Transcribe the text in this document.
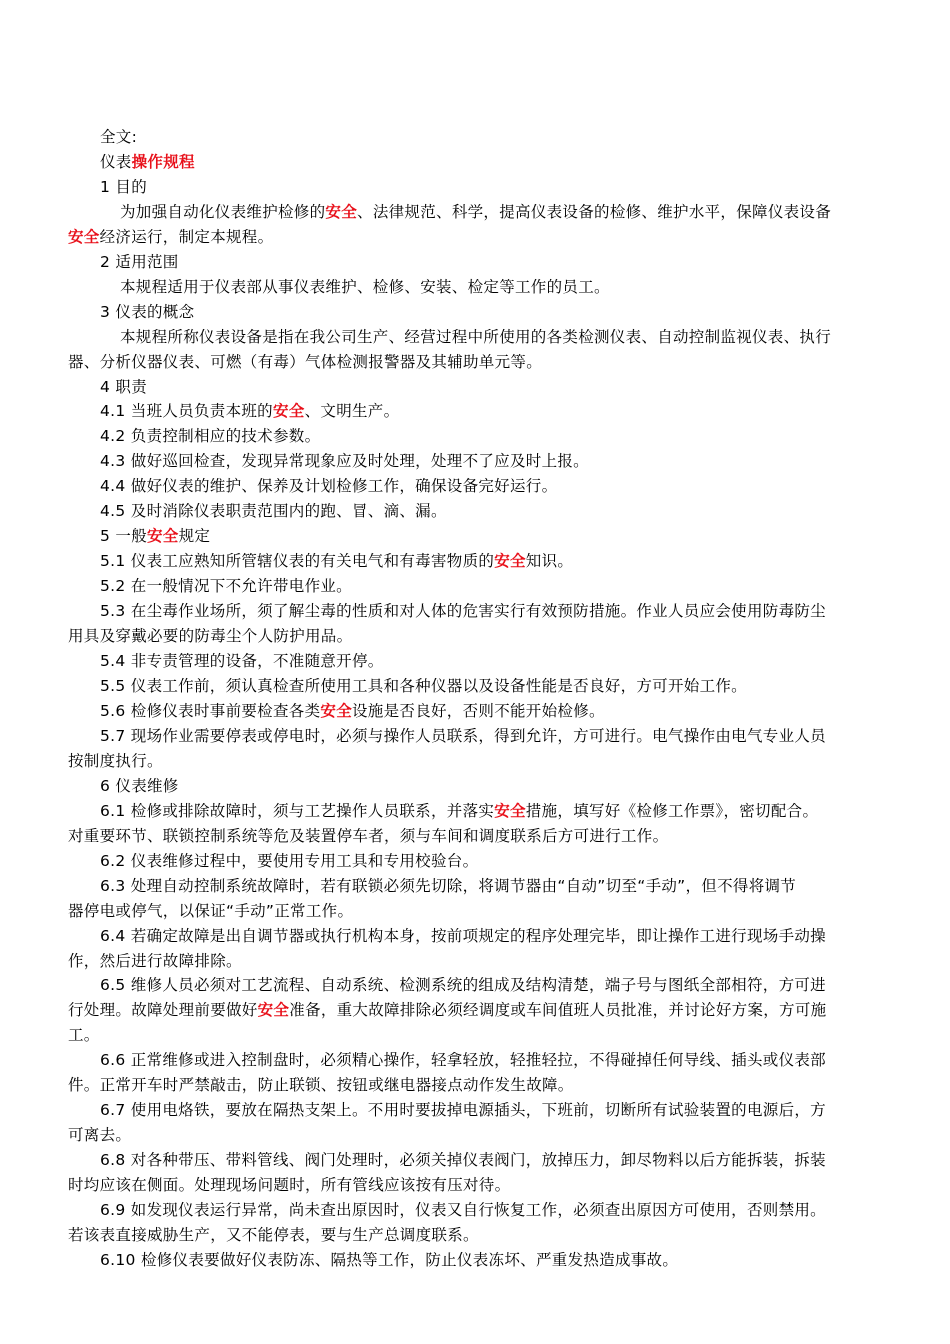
全文:
仪表操作规程
1 目的
为加强自动化仪表维护检修的安全、法律规范、科学，提高仪表设备的检修、维护水平，保障仪表设备
安全经济运行，制定本规程。
2 适用范围
本规程适用于仪表部从事仪表维护、检修、安装、检定等工作的员工。
3 仪表的概念
本规程所称仪表设备是指在我公司生产、经营过程中所使用的各类检测仪表、自动控制监视仪表、执行
器、分析仪器仪表、可燃（有毒）气体检测报警器及其辅助单元等。
4 职责
4.1 当班人员负责本班的安全、文明生产。
4.2 负责控制相应的技术参数。
4.3 做好巡回检查，发现异常现象应及时处理，处理不了应及时上报。
4.4 做好仪表的维护、保养及计划检修工作，确保设备完好运行。
4.5 及时消除仪表职责范围内的跑、冒、滴、漏。
5 一般安全规定
5.1 仪表工应熟知所管辖仪表的有关电气和有毒害物质的安全知识。
5.2 在一般情况下不允许带电作业。
5.3 在尘毒作业场所，须了解尘毒的性质和对人体的危害实行有效预防措施。作业人员应会使用防毒防尘
用具及穿戴必要的防毒尘个人防护用品。
5.4 非专责管理的设备，不准随意开停。
5.5 仪表工作前，须认真检查所使用工具和各种仪器以及设备性能是否良好，方可开始工作。
5.6 检修仪表时事前要检查各类安全设施是否良好，否则不能开始检修。
5.7 现场作业需要停表或停电时，必须与操作人员联系，得到允许，方可进行。电气操作由电气专业人员
按制度执行。
6 仪表维修
6.1 检修或排除故障时，须与工艺操作人员联系，并落实安全措施，填写好《检修工作票》，密切配合。
对重要环节、联锁控制系统等危及装置停车者，须与车间和调度联系后方可进行工作。
6.2 仪表维修过程中，要使用专用工具和专用校验台。
6.3 处理自动控制系统故障时，若有联锁必须先切除，将调节器由“自动”切至“手动”，但不得将调节
器停电或停气，以保证“手动”正常工作。
6.4 若确定故障是出自调节器或执行机构本身，按前项规定的程序处理完毕，即让操作工进行现场手动操
作，然后进行故障排除。
6.5 维修人员必须对工艺流程、自动系统、检测系统的组成及结构清楚，端子号与图纸全部相符，方可进
行处理。故障处理前要做好安全准备，重大故障排除必须经调度或车间值班人员批准，并讨论好方案，方可施
工。
6.6 正常维修或进入控制盘时，必须精心操作，轻拿轻放，轻推轻拉，不得碰掉任何导线、插头或仪表部
件。正常开车时严禁敲击，防止联锁、按钮或继电器接点动作发生故障。
6.7 使用电烙铁，要放在隔热支架上。不用时要拔掉电源插头，下班前，切断所有试验装置的电源后，方
可离去。
6.8 对各种带压、带料管线、阀门处理时，必须关掉仪表阀门，放掉压力，卸尽物料以后方能拆装，拆装
时均应该在侧面。处理现场问题时，所有管线应该按有压对待。
6.9 如发现仪表运行异常，尚未查出原因时，仪表又自行恢复工作，必须查出原因方可使用，否则禁用。
若该表直接威胁生产，又不能停表，要与生产总调度联系。
6.10 检修仪表要做好仪表防冻、隔热等工作，防止仪表冻坏、严重发热造成事故。
